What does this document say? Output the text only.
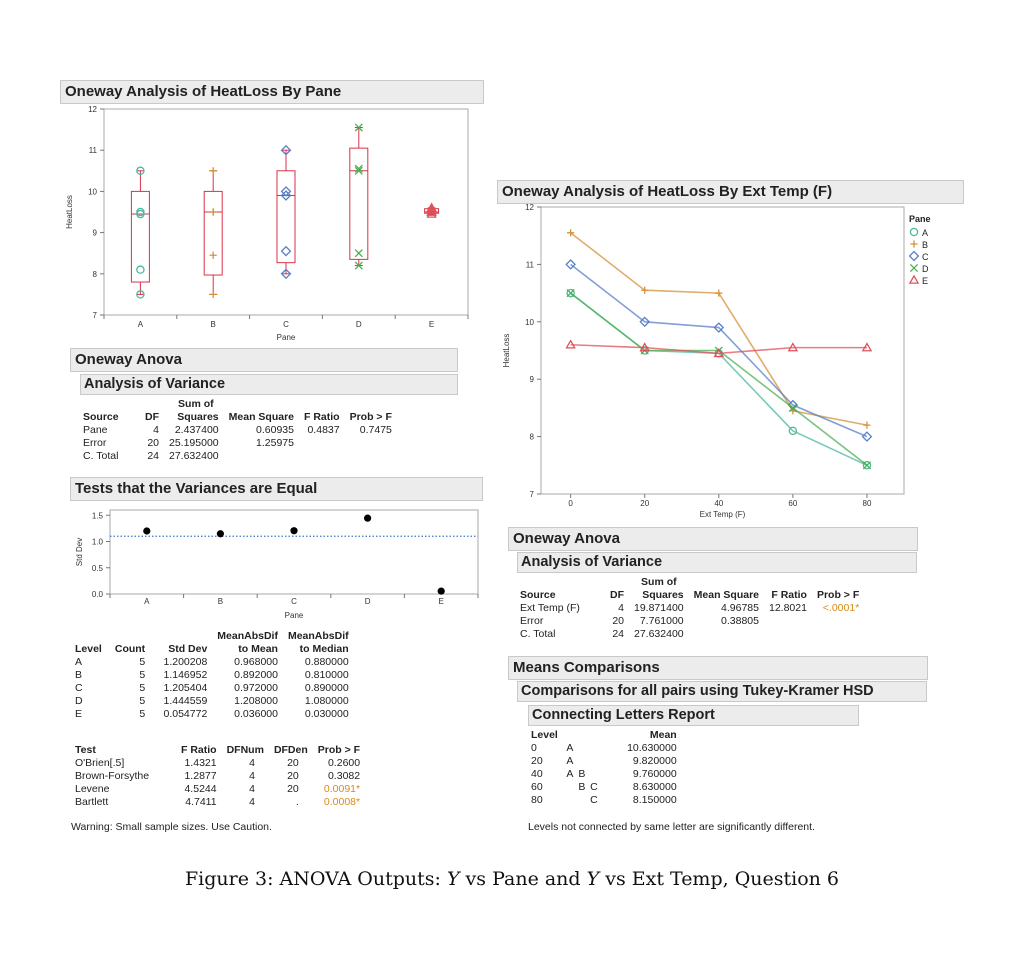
Oneway Analysis of HeatLoss By Pane
7
8
9
10
11
12
A	B	C	D	E
Pane
HeatLoss
Oneway Anova
Analysis of Variance
		Sum of			
Source	DF	Squares	Mean Square	F Ratio	Prob > F
Pane	4	2.437400	0.60935	0.4837	0.7475
Error	20	25.195000	1.25975		
C. Total	24	27.632400			
Tests that the Variances are Equal
0.0
0.5
1.0
1.5
A	B	C	D	E
Pane
Std Dev
			MeanAbsDif	MeanAbsDif
Level	Count	Std Dev	to Mean	to Median
A	5	1.200208	0.968000	0.880000
B	5	1.146952	0.892000	0.810000
C	5	1.205404	0.972000	0.890000
D	5	1.444559	1.208000	1.080000
E	5	0.054772	0.036000	0.030000
Test	F Ratio	DFNum	DFDen	Prob > F
O'Brien[.5]	1.4321	4	20	0.2600
Brown-Forsythe	1.2877	4	20	0.3082
Levene	4.5244	4	20	0.0091*
Bartlett	4.7411	4	.	0.0008*
Warning: Small sample sizes. Use Caution.
Oneway Analysis of HeatLoss By Ext Temp (F)
7
8
9
10
11
12
0	20	40	60	80
Ext Temp (F)
HeatLoss
Pane
A
B
C
D
E
Oneway Anova
Analysis of Variance
		Sum of			
Source	DF	Squares	Mean Square	F Ratio	Prob > F
Ext Temp (F)	4	19.871400	4.96785	12.8021	<.0001*
Error	20	7.761000	0.38805		
C. Total	24	27.632400			
Means Comparisons
Comparisons for all pairs using Tukey-Kramer HSD
Connecting Letters Report
Level				Mean
0	A			10.630000
20	A			9.820000
40	A	B		9.760000
60		B	C	8.630000
80			C	8.150000
Levels not connected by same letter are significantly different.
Figure 3: ANOVA Outputs: Y vs Pane and Y vs Ext Temp, Question 6
